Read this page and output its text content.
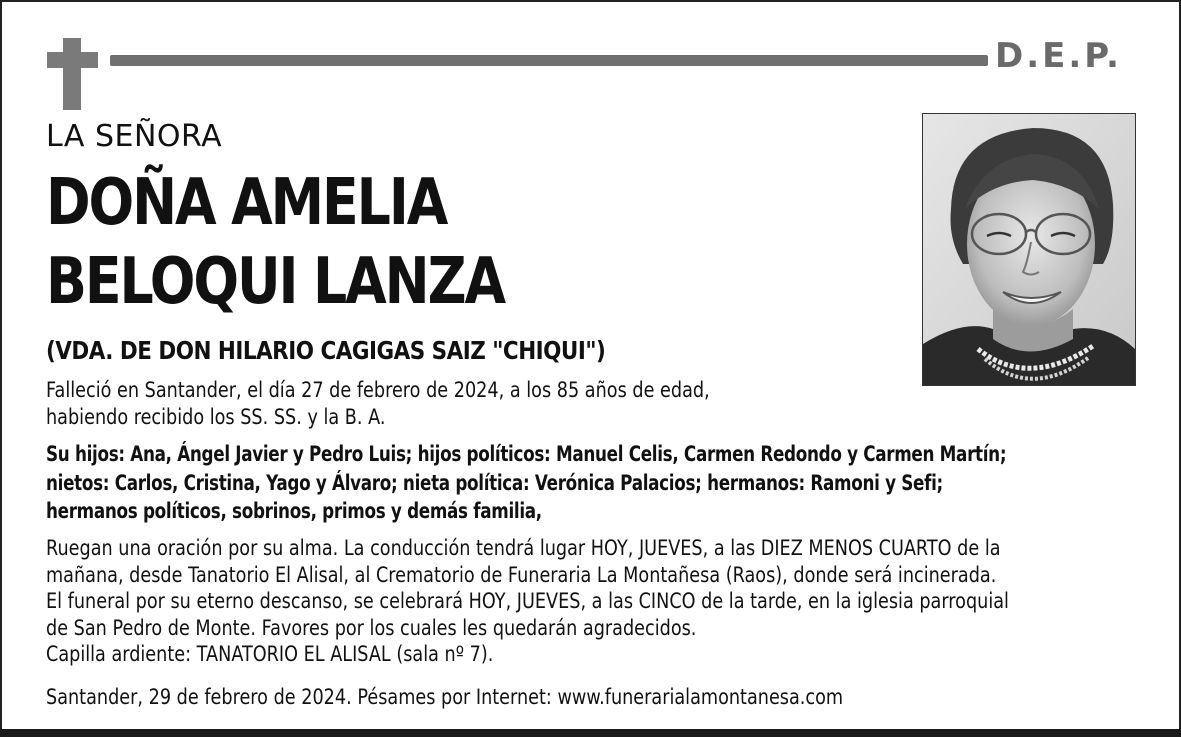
D.E.P.
LA SEÑORA
DOÑA AMELIA
BELOQUI LANZA
(VDA. DE DON HILARIO CAGIGAS SAIZ "CHIQUI")
Falleció en Santander, el día 27 de febrero de 2024, a los 85 años de edad,
habiendo recibido los SS. SS. y la B. A.
Su hijos: Ana, Ángel Javier y Pedro Luis; hijos políticos: Manuel Celis, Carmen Redondo y Carmen Martín;
nietos: Carlos, Cristina, Yago y Álvaro; nieta política: Verónica Palacios; hermanos: Ramoni y Sefi;
hermanos políticos, sobrinos, primos y demás familia,
Ruegan una oración por su alma. La conducción tendrá lugar HOY, JUEVES, a las DIEZ MENOS CUARTO de la
mañana, desde Tanatorio El Alisal, al Crematorio de Funeraria La Montañesa (Raos), donde será incinerada.
El funeral por su eterno descanso, se celebrará HOY, JUEVES, a las CINCO de la tarde, en la iglesia parroquial
de San Pedro de Monte. Favores por los cuales les quedarán agradecidos.
Capilla ardiente: TANATORIO EL ALISAL (sala nº 7).
Santander, 29 de febrero de 2024. Pésames por Internet: www.funerarialamontanesa.com
